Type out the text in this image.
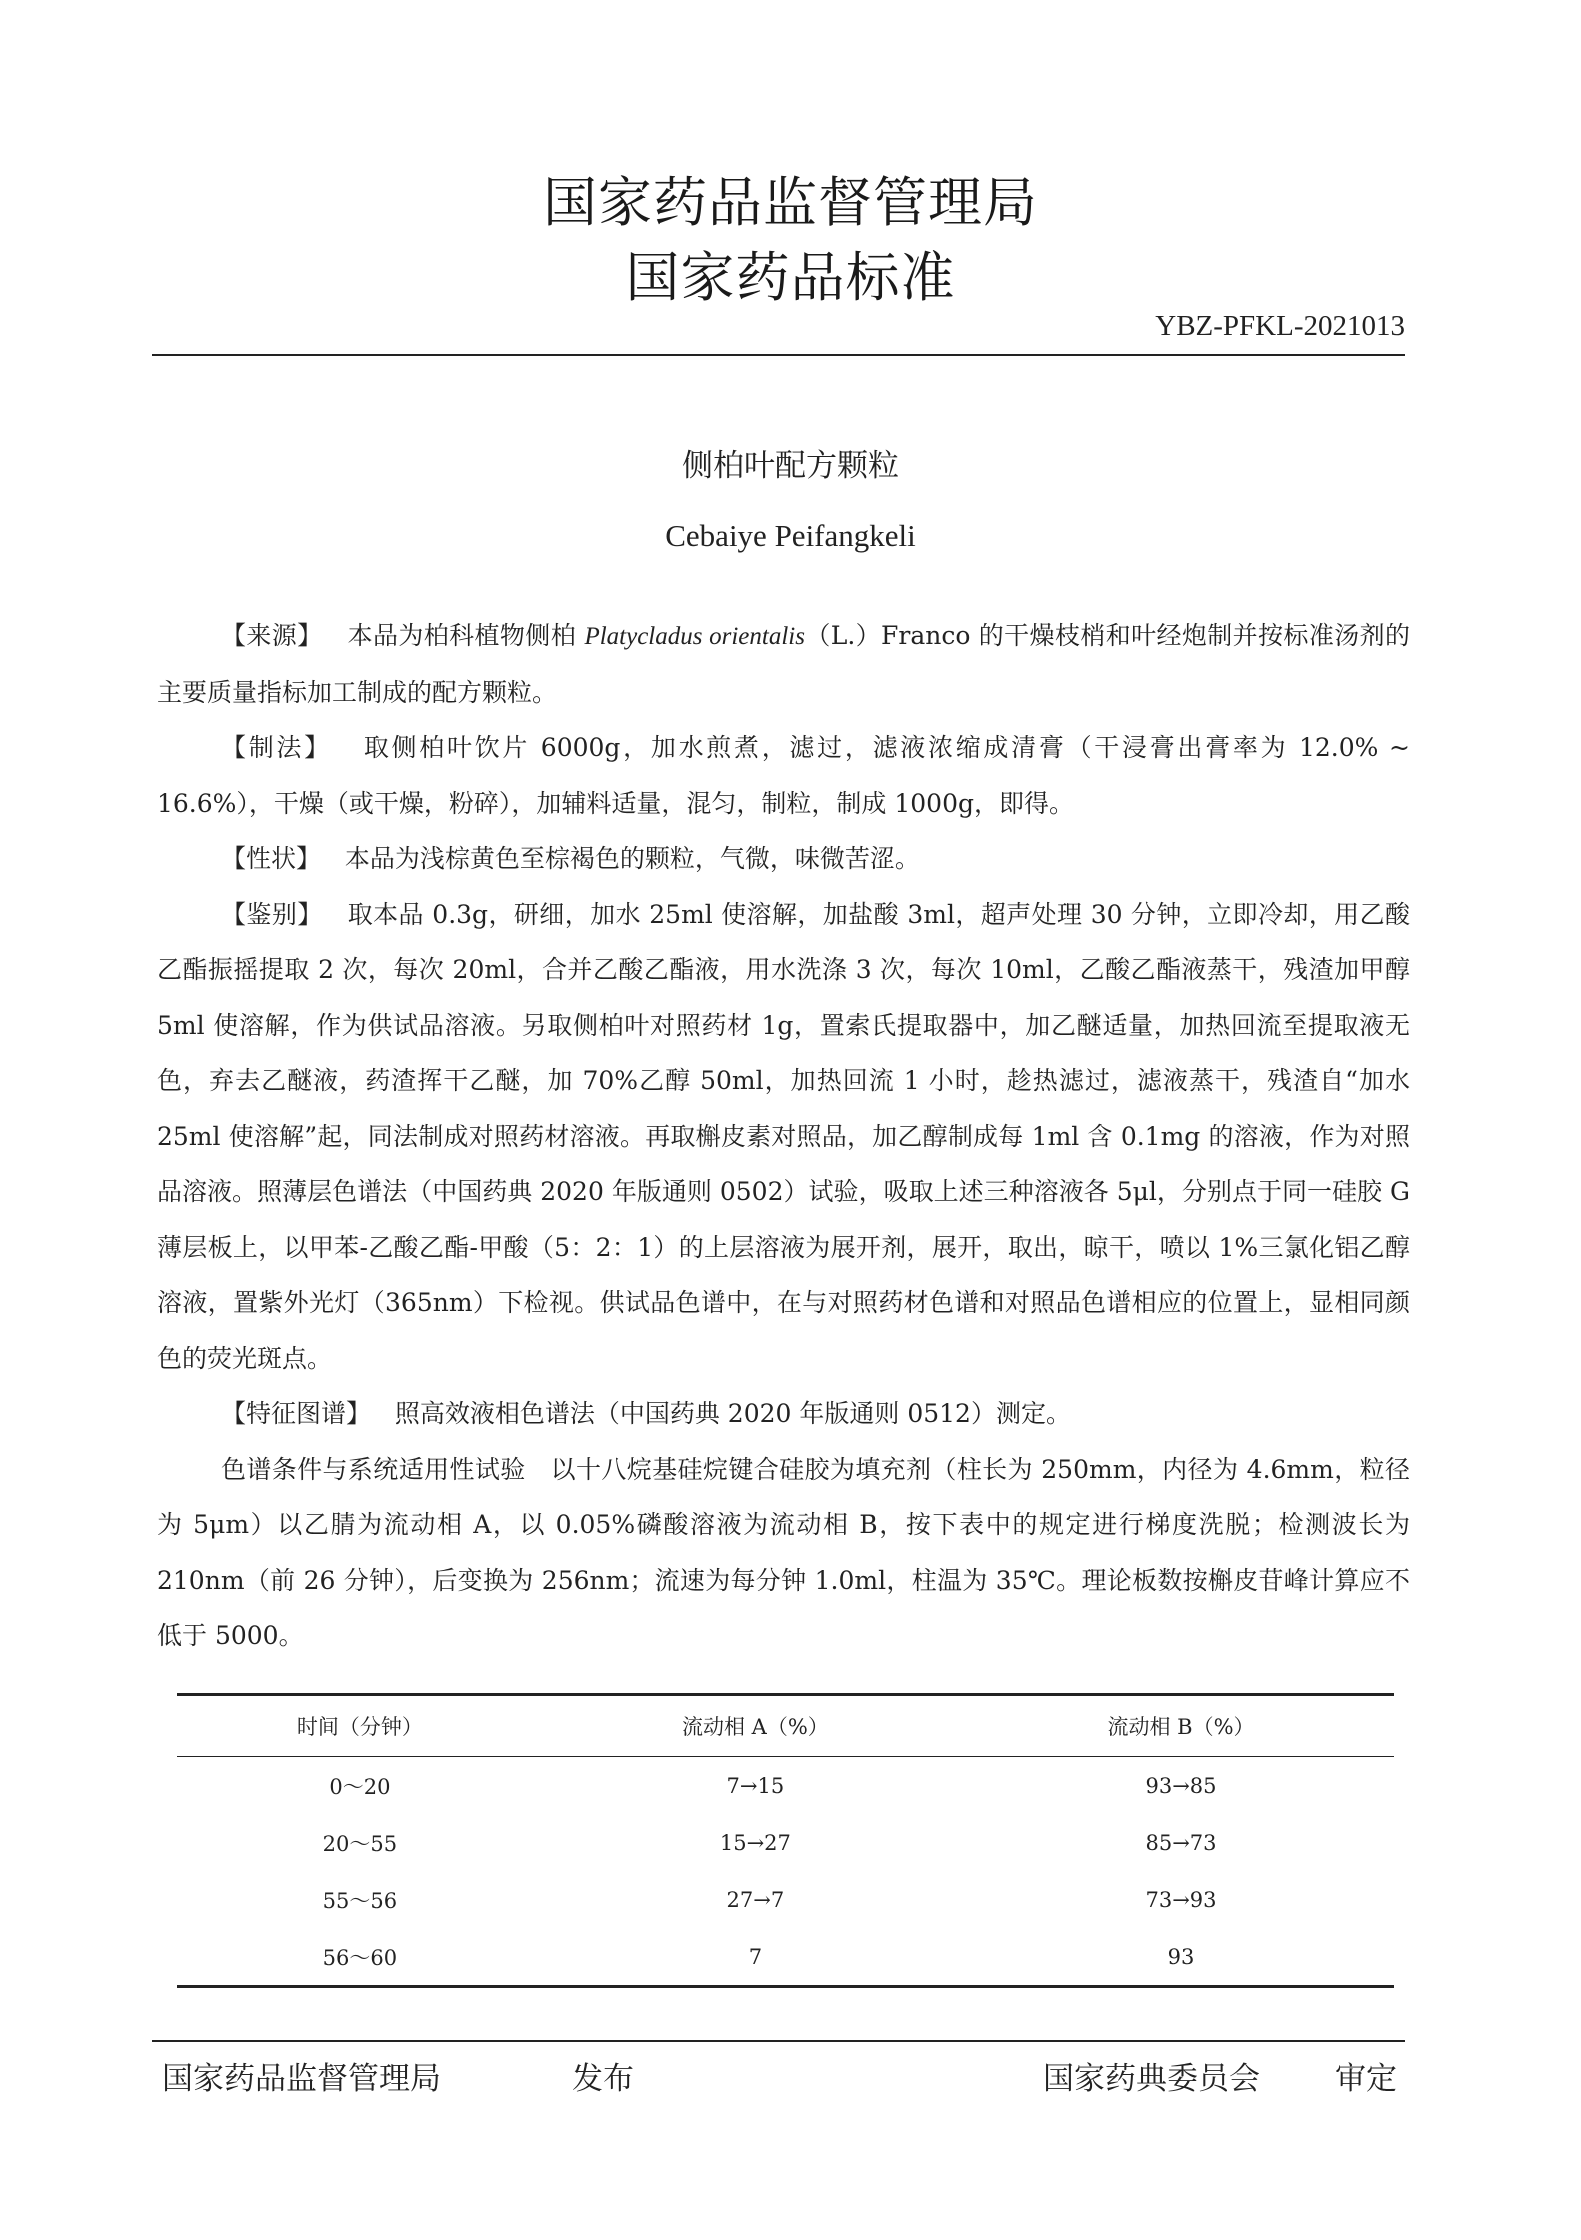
国家药品监督管理局
国家药品标准
YBZ-PFKL-2021013
侧柏叶配方颗粒
Cebaiye Peifangkeli

【来源】 本品为柏科植物侧柏 Platycladus orientalis（L.）Franco 的干燥枝梢和叶经炮制并按标准汤剂的主要质量指标加工制成的配方颗粒。

【制法】 取侧柏叶饮片 6000g，加水煎煮，滤过，滤液浓缩成清膏（干浸膏出膏率为 12.0% ~ 16.6%），干燥（或干燥，粉碎），加辅料适量，混匀，制粒，制成 1000g，即得。

【性状】 本品为浅棕黄色至棕褐色的颗粒，气微，味微苦涩。

【鉴别】 取本品 0.3g，研细，加水 25ml 使溶解，加盐酸 3ml，超声处理 30 分钟，立即冷却，用乙酸乙酯振摇提取 2 次，每次 20ml，合并乙酸乙酯液，用水洗涤 3 次，每次 10ml，乙酸乙酯液蒸干，残渣加甲醇 5ml 使溶解，作为供试品溶液。另取侧柏叶对照药材 1g，置索氏提取器中，加乙醚适量，加热回流至提取液无色，弃去乙醚液，药渣挥干乙醚，加 70%乙醇 50ml，加热回流 1 小时，趁热滤过，滤液蒸干，残渣自“加水 25ml 使溶解”起，同法制成对照药材溶液。再取槲皮素对照品，加乙醇制成每 1ml 含 0.1mg 的溶液，作为对照品溶液。照薄层色谱法（中国药典 2020 年版通则 0502）试验，吸取上述三种溶液各 5μl，分别点于同一硅胶 G 薄层板上，以甲苯-乙酸乙酯-甲酸（5：2：1）的上层溶液为展开剂，展开，取出，晾干，喷以 1%三氯化铝乙醇溶液，置紫外光灯（365nm）下检视。供试品色谱中，在与对照药材色谱和对照品色谱相应的位置上，显相同颜色的荧光斑点。

【特征图谱】 照高效液相色谱法（中国药典 2020 年版通则 0512）测定。

色谱条件与系统适用性试验 以十八烷基硅烷键合硅胶为填充剂（柱长为 250mm，内径为 4.6mm，粒径为 5μm）以乙腈为流动相 A，以 0.05%磷酸溶液为流动相 B，按下表中的规定进行梯度洗脱；检测波长为 210nm（前 26 分钟），后变换为 256nm；流速为每分钟 1.0ml，柱温为 35℃。理论板数按槲皮苷峰计算应不低于 5000。

时间（分钟）	流动相 A（%）	流动相 B（%）
0～20	7→15	93→85
20～55	15→27	85→73
55～56	27→7	73→93
56～60	7	93
国家药品监督管理局	发布	国家药典委员会 审定
